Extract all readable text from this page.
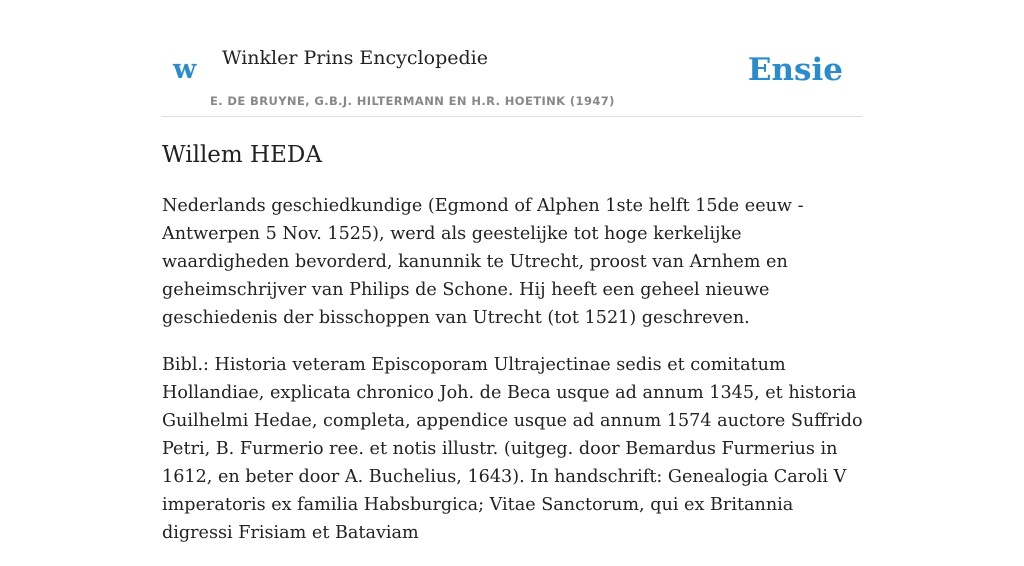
w Winkler Prins Encyclopedie
E. DE BRUYNE, G.B.J. HILTERMANN EN H.R. HOETINK (1947)
Ensie
Willem HEDA

Nederlands geschiedkundige (Egmond of Alphen 1ste helft 15de eeuw - Antwerpen 5 Nov. 1525), werd als geestelijke tot hoge kerkelijke waardigheden bevorderd, kanunnik te Utrecht, proost van Arnhem en geheimschrijver van Philips de Schone. Hij heeft een geheel nieuwe geschiedenis der bisschoppen van Utrecht (tot 1521) geschreven.

Bibl.: Historia veteram Episcoporam Ultrajectinae sedis et comitatum Hollandiae, explicata chronico Joh. de Beca usque ad annum 1345, et historia Guilhelmi Hedae, completa, appendice usque ad annum 1574 auctore Suffrido Petri, B. Furmerio ree. et notis illustr. (uitgeg. door Bemardus Furmerius in 1612, en beter door A. Buchelius, 1643). In handschrift: Genealogia Caroli V imperatoris ex familia Habsburgica; Vitae Sanctorum, qui ex Britannia digressi Frisiam et Bataviam
